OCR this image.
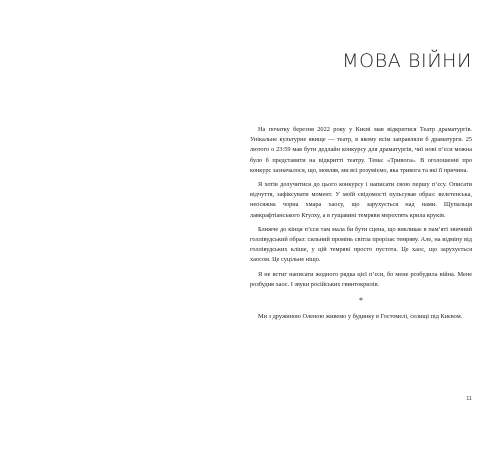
МОВА ВІЙНИ

На початку березня 2022 року у Києві мав відкритися Театр драматургів. Унікальне культурне явище — театр, в якому всім заправляли б драматурги. 25 лютого о 23:59 мав бути дедлайн конкурсу для драматургів, чиї нові п’єси можна було б представити на відкритті театру. Тема: «Тривога». В оголошенні про конкурс зазначалося, що, мовляв, ми всі розуміємо, яка тривога та які її причина.

Я хотів долучитися до цього конкурсу і написати свою першу п’єсу. Описати відчуття, зафіксувати момент. У моїй свідомості пульсував образ: велетенська, неосяжна чорна хмара хаосу, що зарухується над нами. Щупальця лавкрафтіанського Ктулху, а в гущавині темряви мерехтять крила круків.

Ближче до кінця п’єси там мала би бути сцена, що викликає в пам’яті звичний голлівудський образ: сильний промінь світла прорізає темряву. Але, на відміну від голлівудських кліше, у цій темряві просто пустота. Це хаос, що зарухується хаосом. Це суцільне ніщо.

Я не встиг написати жодного рядка цієї п’єси, бо мене розбудила війна. Мене розбудив хаос. І звуки російських гвинтокрилів.

*

Ми з дружиною Оленою живемо у будинку в Гостомелі, селищі під Києвом.

11
